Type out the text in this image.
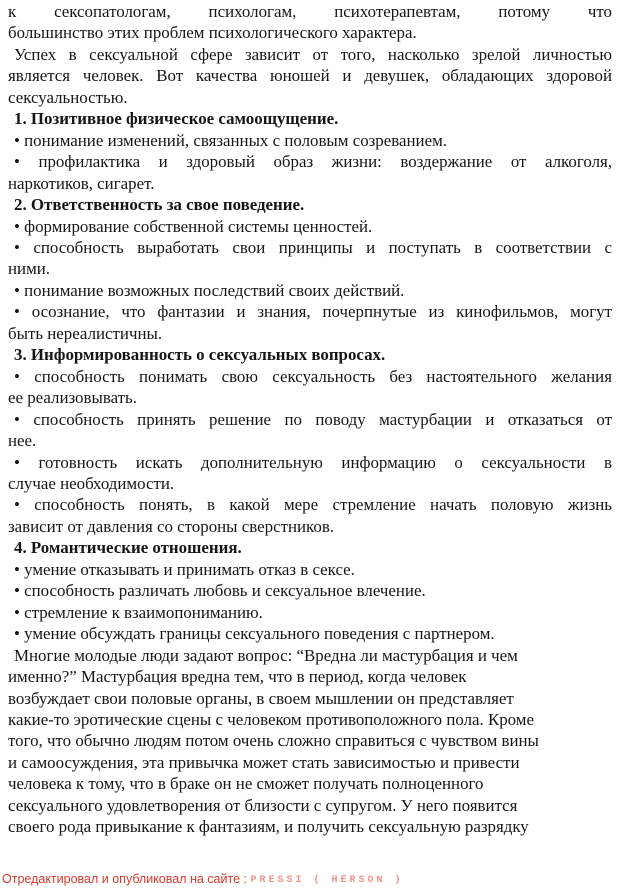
к сексопатологам, психологам, психотерапевтам, потому что
большинство этих проблем психологического характера.
Успех в сексуальной сфере зависит от того, насколько зрелой личностью
является человек. Вот качества юношей и девушек, обладающих здоровой
сексуальностью.
1. Позитивное физическое самоощущение.
• понимание изменений, связанных с половым созреванием.
• профилактика и здоровый образ жизни: воздержание от алкоголя,
наркотиков, сигарет.
2. Ответственность за свое поведение.
• формирование собственной системы ценностей.
• способность выработать свои принципы и поступать в соответствии с
ними.
• понимание возможных последствий своих действий.
• осознание, что фантазии и знания, почерпнутые из кинофильмов, могут
быть нереалистичны.
3. Информированность о сексуальных вопросах.
• способность понимать свою сексуальность без настоятельного желания
ее реализовывать.
• способность принять решение по поводу мастурбации и отказаться от
нее.
• готовность искать дополнительную информацию о сексуальности в
случае необходимости.
• способность понять, в какой мере стремление начать половую жизнь
зависит от давления со стороны сверстников.
4. Романтические отношения.
• умение отказывать и принимать отказ в сексе.
• способность различать любовь и сексуальное влечение.
• стремление к взаимопониманию.
• умение обсуждать границы сексуального поведения с партнером.
Многие молодые люди задают вопрос: “Вредна ли мастурбация и чем
именно?” Мастурбация вредна тем, что в период, когда человек
возбуждает свои половые органы, в своем мышлении он представляет
какие-то эротические сцены с человеком противоположного пола. Кроме
того, что обычно людям потом очень сложно справиться с чувством вины
и самоосуждения, эта привычка может стать зависимостью и привести
человека к тому, что в браке он не сможет получать полноценного
сексуального удовлетворения от близости с супругом. У него появится
своего рода привыкание к фантазиям, и получить сексуальную разрядку
Отредактировал и опубликовал на сайте : PRESSI ( HERSON )
